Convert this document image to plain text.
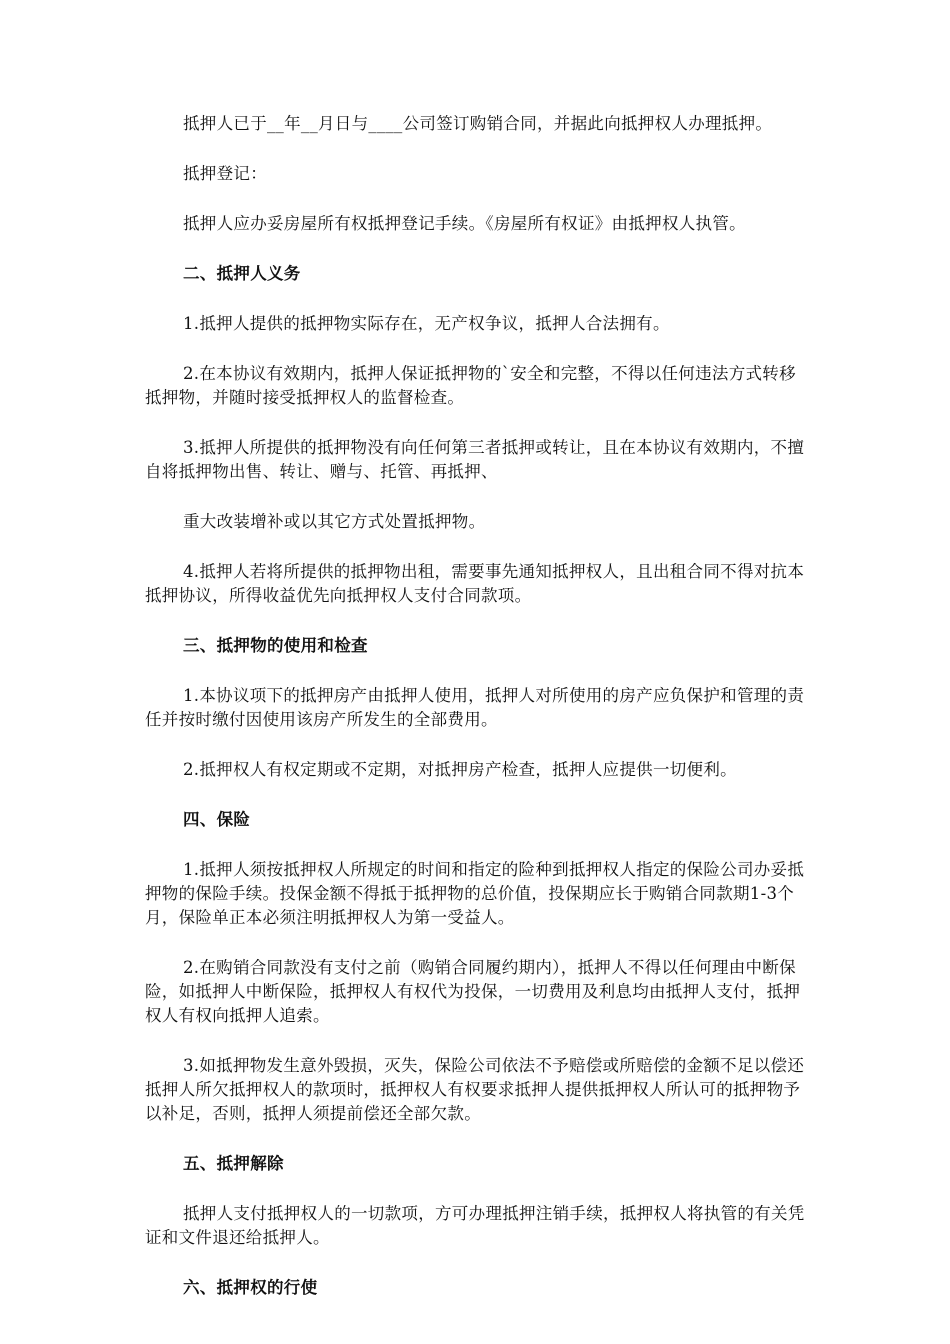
抵押人已于__年__月日与____公司签订购销合同，并据此向抵押权人办理抵押。

抵押登记：

抵押人应办妥房屋所有权抵押登记手续。《房屋所有权证》由抵押权人执管。

二、抵押人义务

1.抵押人提供的抵押物实际存在，无产权争议，抵押人合法拥有。

2.在本协议有效期内，抵押人保证抵押物的`安全和完整，不得以任何违法方式转移抵押物，并随时接受抵押权人的监督检查。

3.抵押人所提供的抵押物没有向任何第三者抵押或转让，且在本协议有效期内，不擅自将抵押物出售、转让、赠与、托管、再抵押、

重大改装增补或以其它方式处置抵押物。

4.抵押人若将所提供的抵押物出租，需要事先通知抵押权人，且出租合同不得对抗本抵押协议，所得收益优先向抵押权人支付合同款项。

三、抵押物的使用和检查

1.本协议项下的抵押房产由抵押人使用，抵押人对所使用的房产应负保护和管理的责任并按时缴付因使用该房产所发生的全部费用。

2.抵押权人有权定期或不定期，对抵押房产检查，抵押人应提供一切便利。

四、保险

1.抵押人须按抵押权人所规定的时间和指定的险种到抵押权人指定的保险公司办妥抵押物的保险手续。投保金额不得抵于抵押物的总价值，投保期应长于购销合同款期1-3个月，保险单正本必须注明抵押权人为第一受益人。

2.在购销合同款没有支付之前（购销合同履约期内），抵押人不得以任何理由中断保险，如抵押人中断保险，抵押权人有权代为投保，一切费用及利息均由抵押人支付，抵押权人有权向抵押人追索。

3.如抵押物发生意外毁损，灭失，保险公司依法不予赔偿或所赔偿的金额不足以偿还抵押人所欠抵押权人的款项时，抵押权人有权要求抵押人提供抵押权人所认可的抵押物予以补足，否则，抵押人须提前偿还全部欠款。

五、抵押解除

抵押人支付抵押权人的一切款项，方可办理抵押注销手续，抵押权人将执管的有关凭证和文件退还给抵押人。

六、抵押权的行使
